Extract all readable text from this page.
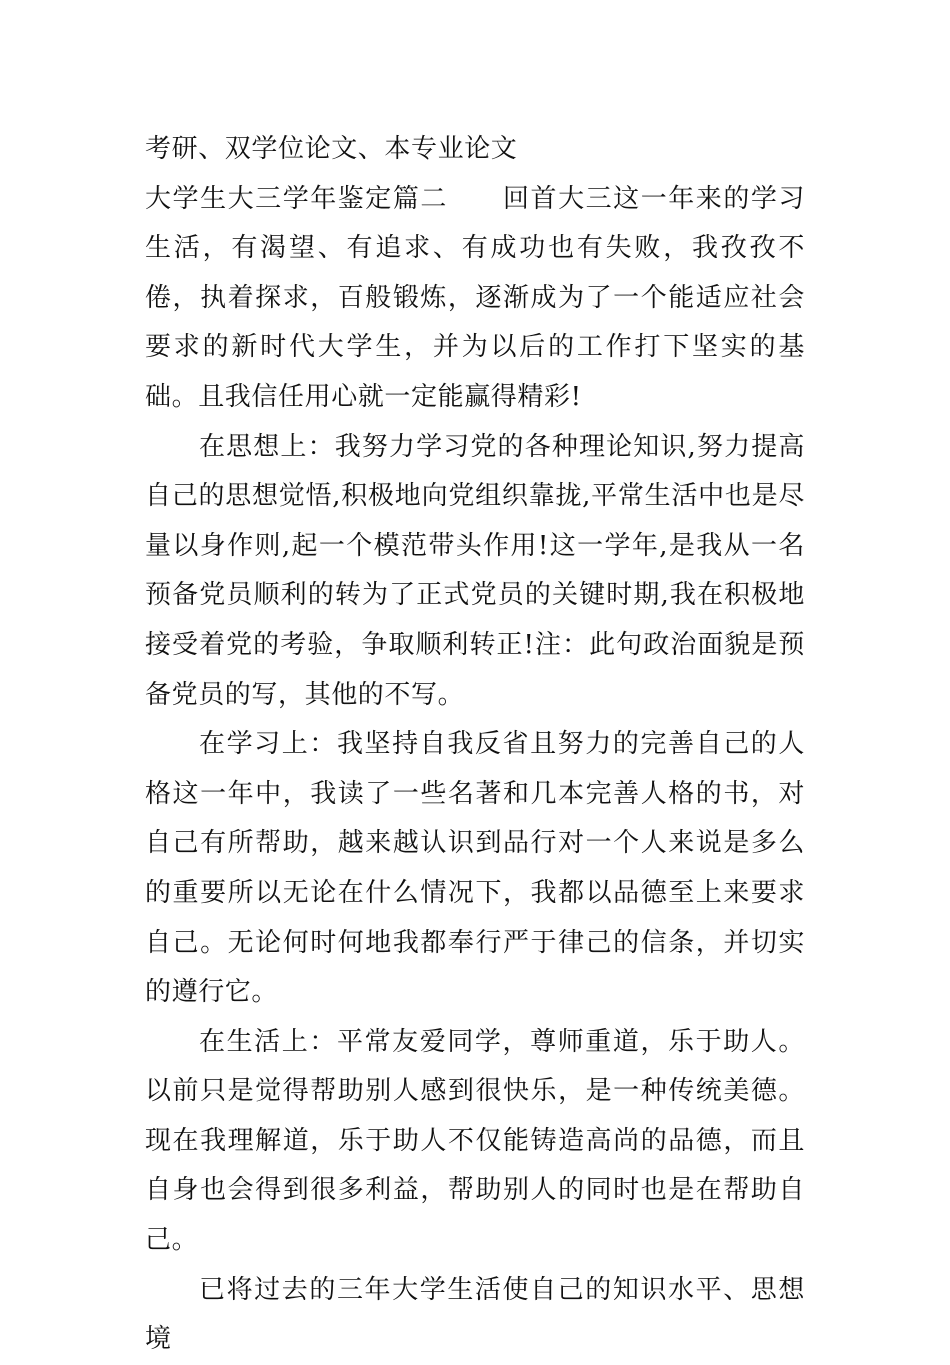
考研、双学位论文、本专业论文

大学生大三学年鉴定篇二　　回首大三这一年来的学习生活，有渴望、有追求、有成功也有失败，我孜孜不倦，执着探求，百般锻炼，逐渐成为了一个能适应社会要求的新时代大学生，并为以后的工作打下坚实的基础。且我信任用心就一定能赢得精彩!

在思想上：我努力学习党的各种理论知识,努力提高自己的思想觉悟,积极地向党组织靠拢,平常生活中也是尽量以身作则,起一个模范带头作用!这一学年,是我从一名预备党员顺利的转为了正式党员的关键时期,我在积极地接受着党的考验，争取顺利转正!注：此句政治面貌是预备党员的写，其他的不写。

在学习上：我坚持自我反省且努力的完善自己的人格这一年中，我读了一些名著和几本完善人格的书，对自己有所帮助，越来越认识到品行对一个人来说是多么的重要所以无论在什么情况下，我都以品德至上来要求自己。无论何时何地我都奉行严于律己的信条，并切实的遵行它。

在生活上：平常友爱同学，尊师重道，乐于助人。以前只是觉得帮助别人感到很快乐，是一种传统美德。现在我理解道，乐于助人不仅能铸造高尚的品德，而且自身也会得到很多利益，帮助别人的同时也是在帮助自己。

已将过去的三年大学生活使自己的知识水平、思想境
